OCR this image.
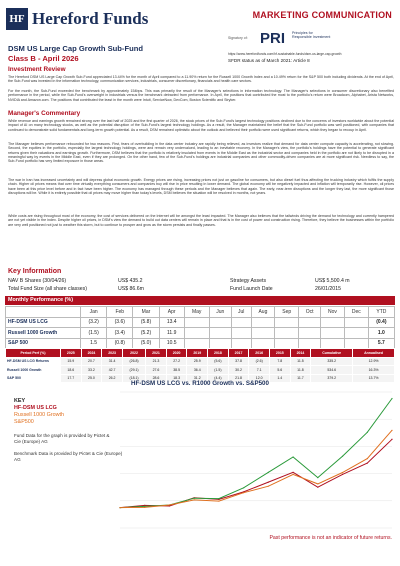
HF Hereford Funds	MARKETING COMMUNICATION
Signatory of: PRI Principles for Responsible Investment
https://www.herefordfunds.com/hf-sustainable-funds/dsm-us-large-cap-growth
SFDR status as of March 2021: Article 8
DSM US Large Cap Growth Sub-Fund
Class B - April 2026
Investment Review
The Hereford DSM US Large Cap Growth Sub-Fund appreciated 13.44% for the month of April compared to a 11.90% return for the Russell 1000 Growth Index and a 10.49% return for the S&P 500 both including dividends. At the end of April, the Sub-Fund was invested in the information technology, communication services, industrials, consumer discretionary, financials and health care sectors.
For the month, the Sub-Fund exceeded the benchmark by approximately 154bps. This was primarily the result of the Manager's selections in information technology. The Manager's selections in consumer discretionary also benefited performance in the period, while the Sub-Fund's overweight in industrials versus the benchmark detracted from performance. In April, the positions that contributed the most to the portfolio's return were Broadcom, Alphabet, Arista Networks, NVIDIA and Amazon.com. The positions that contributed the least in the month were Intuit, ServiceNow, DexCom, Boston Scientific and Stryker.
Manager's Commentary
While revenue and earnings growth remained strong over the last half of 2025 and the first quarter of 2026, the stock prices of the Sub-Fund's largest technology positions declined due to the concerns of investors worldwide about the potential impact of AI on many technology stocks, as well as the potential disruption of the Sub-Fund's largest technology holdings. As a result, the Manager maintained the belief that the Sub-Fund portfolio was well positioned, with companies that continued to demonstrate solid fundamentals and long-term growth potential. As a result, DSM remained optimistic about the outlook and believed their portfolio were used significant returns, which they began to recoup in April.
The Manager believes performance rebounded for two reasons. First, fears of overbuilding in the data center industry are rapidly being relieved, as investors realize that demand for data center compute capacity is accelerating, not slowing. Second, the equities in the portfolio, especially the largest technology holdings, were and remain very undervalued, leading to an inevitable recovery. In the Manager's view, the portfolio's holdings have the potential to generate significant returns given their valuations and earnings growth. Furthermore, DSM believes that the portfolio is relatively insulated from events in the Middle East as the industrial sector and companies held in the portfolio are not likely to be disrupted in a meaningful way by events in the Middle East, even if they are prolonged. On the other hand, few of the Sub-Fund's holdings are industrial companies and other commodity-driven companies are at more significant risk. Needless to say, the Sub-Fund portfolio has very limited exposure in those areas.
The war in Iran has increased uncertainty and will depress global economic growth. Energy prices are rising, increasing prices not just on gasoline for consumers, but also diesel fuel thus affecting the trucking industry which fulfils the supply chain. Higher oil prices means that over time virtually everything consumers and companies buy will rise in price resulting in lower demand. The global economy will be negatively impacted and inflation will temporarily rise. However, oil prices have been at this price level before and in fact have been higher. The economy has managed through these periods and the Manager believes that again. The early, near-term disruptions and the longer they last, the more significant those disruptions will be. While it is entirely possible that oil prices may move higher than today's levels, DSM believes the situation will be resolved in months, not years.
While costs are rising throughout most of the economy, the cost of services delivered on the Internet will be amongst the least impacted. The Manager also believes that the tailwinds driving the demand for technology and currently hampered are not yet visible in the index. Despite higher oil prices, in DSM's view the demand to build out data centers will remain in place and that is in the cost of power and construction rising. Therefore, they believe the businesses within the portfolio are very well positioned not just to weather this storm, but to continue to prosper and grow as the storm persists and finally passes.
Key Information
NAV B Shares (30/04/26)	US$ 435.2
Total Fund Size (all share classes)	US$ 86.6m
Strategy Assets	US$ 5,500.4 m
Fund Launch Date	26/01/2015
Monthly Performance (%)
	Jan	Feb	Mar	Apr	May	Jun	Jul	Aug	Sep	Oct	Nov	Dec	YTD
HF-DSM US LCG	(3.2)	(3.6)	(5.8)	13.4									(0.4)
Russell 1000 Growth	(1.5)	(3.4)	(5.2)	11.9									1.0
S&P 500	1.5	(0.8)	(5.0)	10.5									5.7
Period Perf (%)	2025	2024	2023	2022	2021	2020	2019	2018	2017	2016	2015	2014	Cumulative	Annualised
HF-DSM US LCG Returns	15.9	20.7	31.4	(26.8)	21.3	27.2	25.9	(5.6)	37.8	(2.6)	7.8	11.5	335.2	12.9%
Russell 1000 Growth	18.6	33.2	42.7	(29.1)	27.6	38.5	36.4	(1.5)	30.2	7.1	5.6	11.8	534.6	16.3%
S&P 500	17.7	25.0	26.2	(18.1)	28.6	18.3	31.2	(4.4)	21.8	12.0	1.4	11.7	379.2	13.7%
HF-DSM US LCG vs. R1000 Growth vs. S&P500
KEY
HF-DSM US LCG
Russell 1000 Growth
S&P500
Fund Data for the graph is provided by Pictet & Cie (Europe) AG
Benchmark Data is provided by Pictet & Cie (Europe) AG
Past performance is not an indicator of future returns.
